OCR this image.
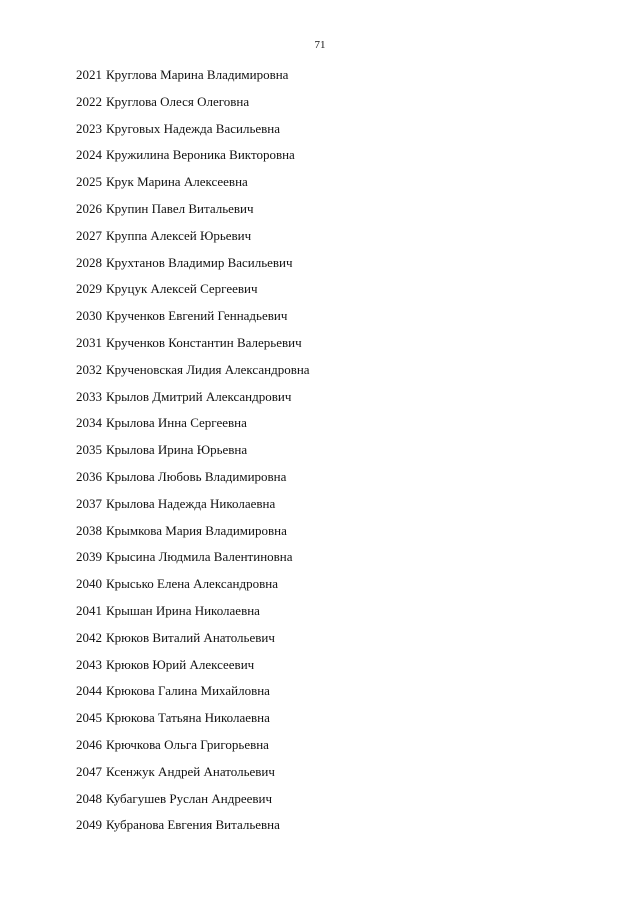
71
2021 Круглова Марина Владимировна
2022 Круглова Олеся Олеговна
2023 Круговых Надежда Васильевна
2024 Кружилина Вероника Викторовна
2025 Крук Марина Алексеевна
2026 Крупин Павел Витальевич
2027 Круппа Алексей Юрьевич
2028 Крухтанов Владимир Васильевич
2029 Круцук Алексей Сергеевич
2030 Крученков Евгений Геннадьевич
2031 Крученков Константин Валерьевич
2032 Крученовская Лидия Александровна
2033 Крылов Дмитрий Александрович
2034 Крылова Инна Сергеевна
2035 Крылова Ирина Юрьевна
2036 Крылова Любовь Владимировна
2037 Крылова Надежда Николаевна
2038 Крымкова Мария Владимировна
2039 Крысина Людмила Валентиновна
2040 Крысько Елена Александровна
2041 Крышан Ирина Николаевна
2042 Крюков Виталий Анатольевич
2043 Крюков Юрий Алексеевич
2044 Крюкова Галина Михайловна
2045 Крюкова Татьяна Николаевна
2046 Крючкова Ольга Григорьевна
2047 Ксенжук Андрей Анатольевич
2048 Кубагушев Руслан Андреевич
2049 Кубранова Евгения Витальевна
